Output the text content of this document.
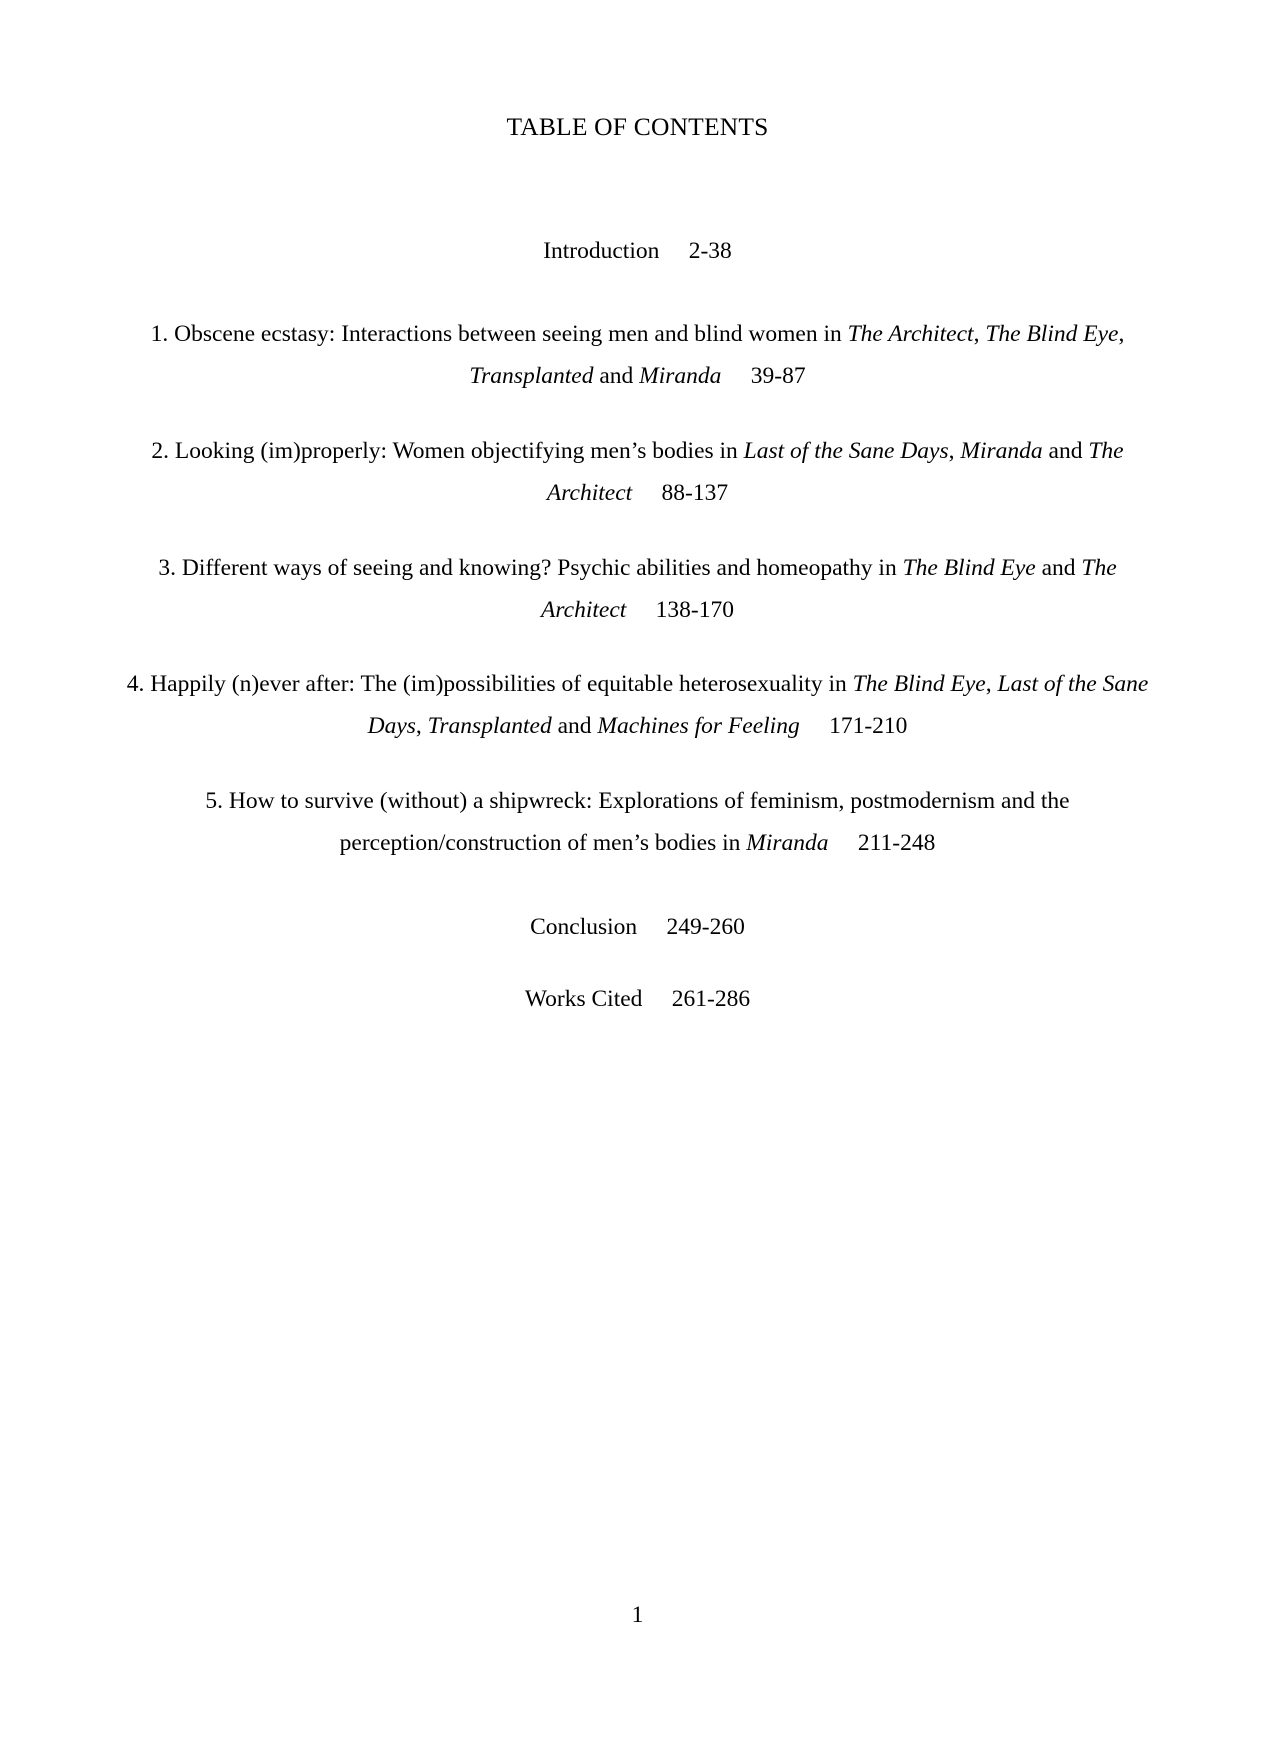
TABLE OF CONTENTS
Introduction     2-38
1. Obscene ecstasy: Interactions between seeing men and blind women in The Architect, The Blind Eye, Transplanted and Miranda     39-87
2. Looking (im)properly: Women objectifying men’s bodies in Last of the Sane Days, Miranda and The Architect     88-137
3. Different ways of seeing and knowing? Psychic abilities and homeopathy in The Blind Eye and The Architect     138-170
4. Happily (n)ever after: The (im)possibilities of equitable heterosexuality in The Blind Eye, Last of the Sane Days, Transplanted and Machines for Feeling     171-210
5. How to survive (without) a shipwreck: Explorations of feminism, postmodernism and the perception/construction of men’s bodies in Miranda     211-248
Conclusion     249-260
Works Cited     261-286
1
